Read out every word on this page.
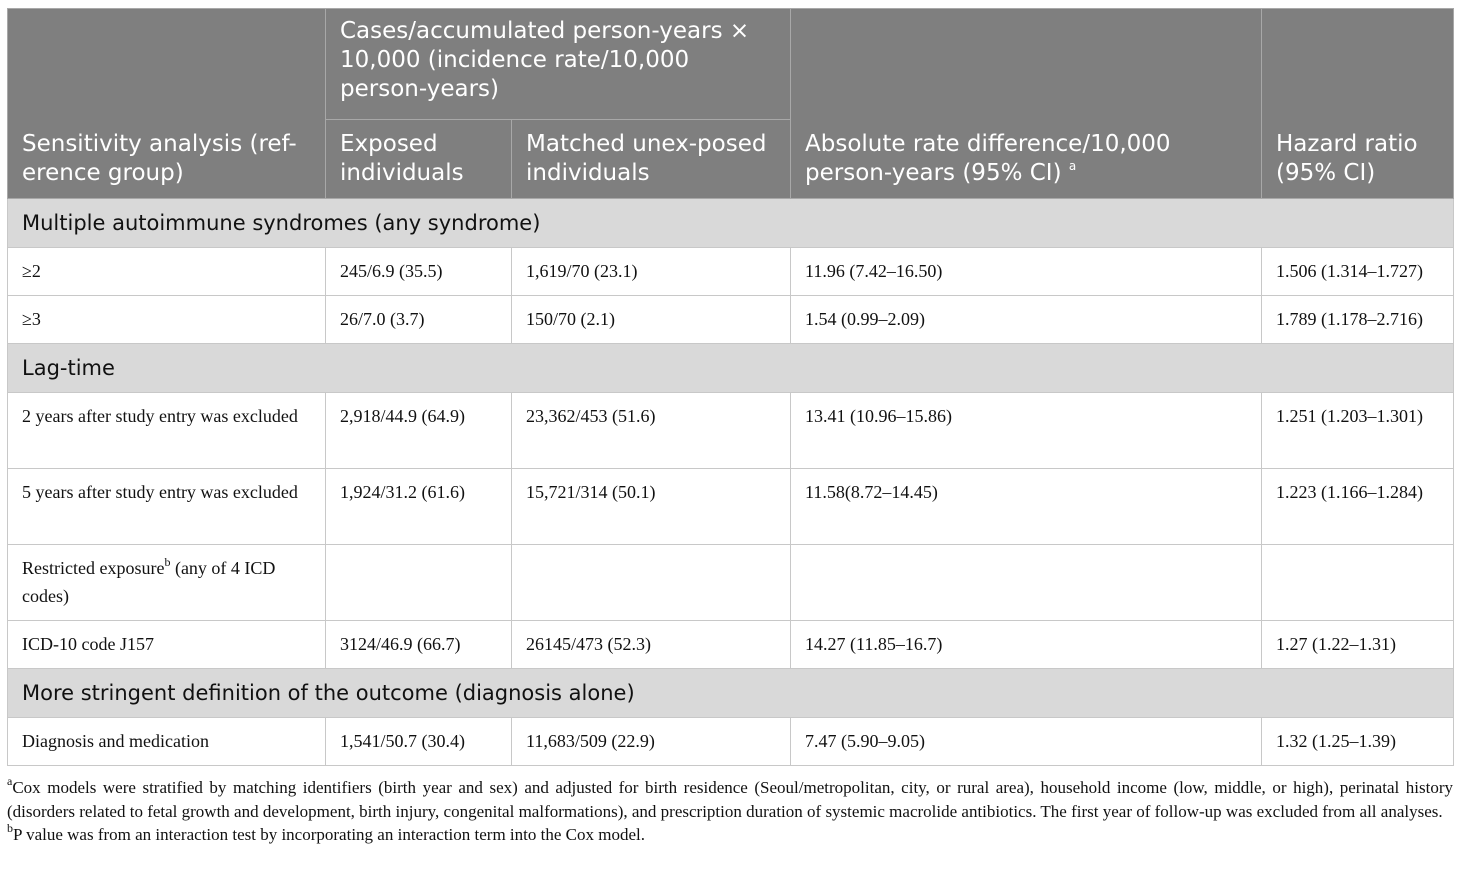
Sensitivity analysis (ref-erence group)	Cases/accumulated person-years × 10,000 (incidence rate/10,000 person-years)		Absolute rate difference/10,000 person-years (95% CI) $^a$	Hazard ratio (95% CI)
	Exposed individuals	Matched unex-posed individuals		
Multiple autoimmune syndromes (any syndrome)				
≥2	245/6.9 (35.5)	1,619/70 (23.1)	11.96 (7.42–16.50)	1.506 (1.314–1.727)
≥3	26/7.0 (3.7)	150/70 (2.1)	1.54 (0.99–2.09)	1.789 (1.178–2.716)
Lag-time				
2 years after study entry was excluded	2,918/44.9 (64.9)	23,362/453 (51.6)	13.41 (10.96–15.86)	1.251 (1.203–1.301)
5 years after study entry was excluded	1,924/31.2 (61.6)	15,721/314 (50.1)	11.58(8.72–14.45)	1.223 (1.166–1.284)
Restricted exposure$^b$ (any of 4 ICD codes)				
ICD-10 code J157	3124/46.9 (66.7)	26145/473 (52.3)	14.27 (11.85–16.7)	1.27 (1.22–1.31)
More stringent definition of the outcome (diagnosis alone)				
Diagnosis and medication	1,541/50.7 (30.4)	11,683/509 (22.9)	7.47 (5.90–9.05)	1.32 (1.25–1.39)

$^a$Cox models were stratified by matching identifiers (birth year and sex) and adjusted for birth residence (Seoul/metropolitan, city, or rural area), household income (low, middle, or high), perinatal history (disorders related to fetal growth and development, birth injury, congenital malformations), and prescription duration of systemic macrolide antibiotics. The first year of follow-up was excluded from all analyses.

$^b$P value was from an interaction test by incorporating an interaction term into the Cox model.
